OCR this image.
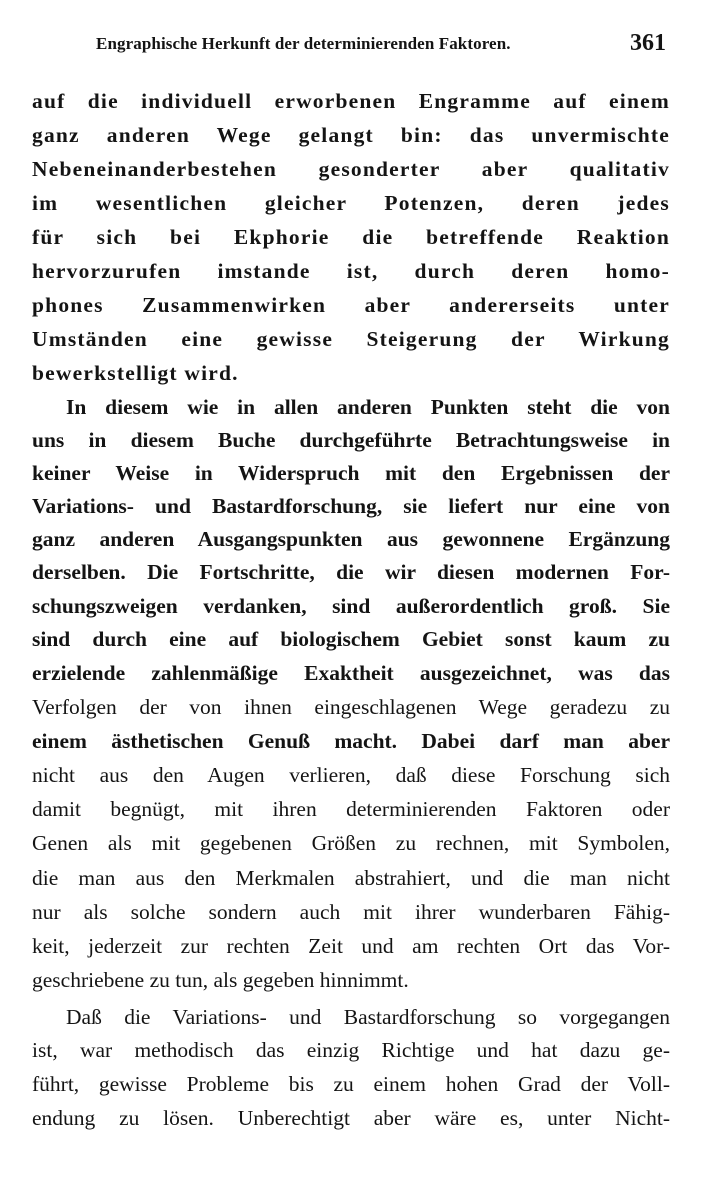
Engraphische Herkunft der determinierenden Faktoren.	361
auf die individuell erworbenen Engramme auf einem
ganz anderen Wege gelangt bin: das unvermischte
Nebeneinanderbestehen gesonderter aber qualitativ
im wesentlichen gleicher Potenzen, deren jedes
für sich bei Ekphorie die betreffende Reaktion
hervorzurufen imstande ist, durch deren homo-
phones Zusammenwirken aber andererseits unter
Umständen eine gewisse Steigerung der Wirkung
bewerkstelligt wird.
In diesem wie in allen anderen Punkten steht die von
uns in diesem Buche durchgeführte Betrachtungsweise in
keiner Weise in Widerspruch mit den Ergebnissen der
Variations- und Bastardforschung, sie liefert nur eine von
ganz anderen Ausgangspunkten aus gewonnene Ergänzung
derselben. Die Fortschritte, die wir diesen modernen For-
schungszweigen verdanken, sind außerordentlich groß. Sie
sind durch eine auf biologischem Gebiet sonst kaum zu
erzielende zahlenmäßige Exaktheit ausgezeichnet, was das
Verfolgen der von ihnen eingeschlagenen Wege geradezu zu
einem ästhetischen Genuß macht. Dabei darf man aber
nicht aus den Augen verlieren, daß diese Forschung sich
damit begnügt, mit ihren determinierenden Faktoren oder
Genen als mit gegebenen Größen zu rechnen, mit Symbolen,
die man aus den Merkmalen abstrahiert, und die man nicht
nur als solche sondern auch mit ihrer wunderbaren Fähig-
keit, jederzeit zur rechten Zeit und am rechten Ort das Vor-
geschriebene zu tun, als gegeben hinnimmt.
Daß die Variations- und Bastardforschung so vorgegangen
ist, war methodisch das einzig Richtige und hat dazu ge-
führt, gewisse Probleme bis zu einem hohen Grad der Voll-
endung zu lösen. Unberechtigt aber wäre es, unter Nicht-
